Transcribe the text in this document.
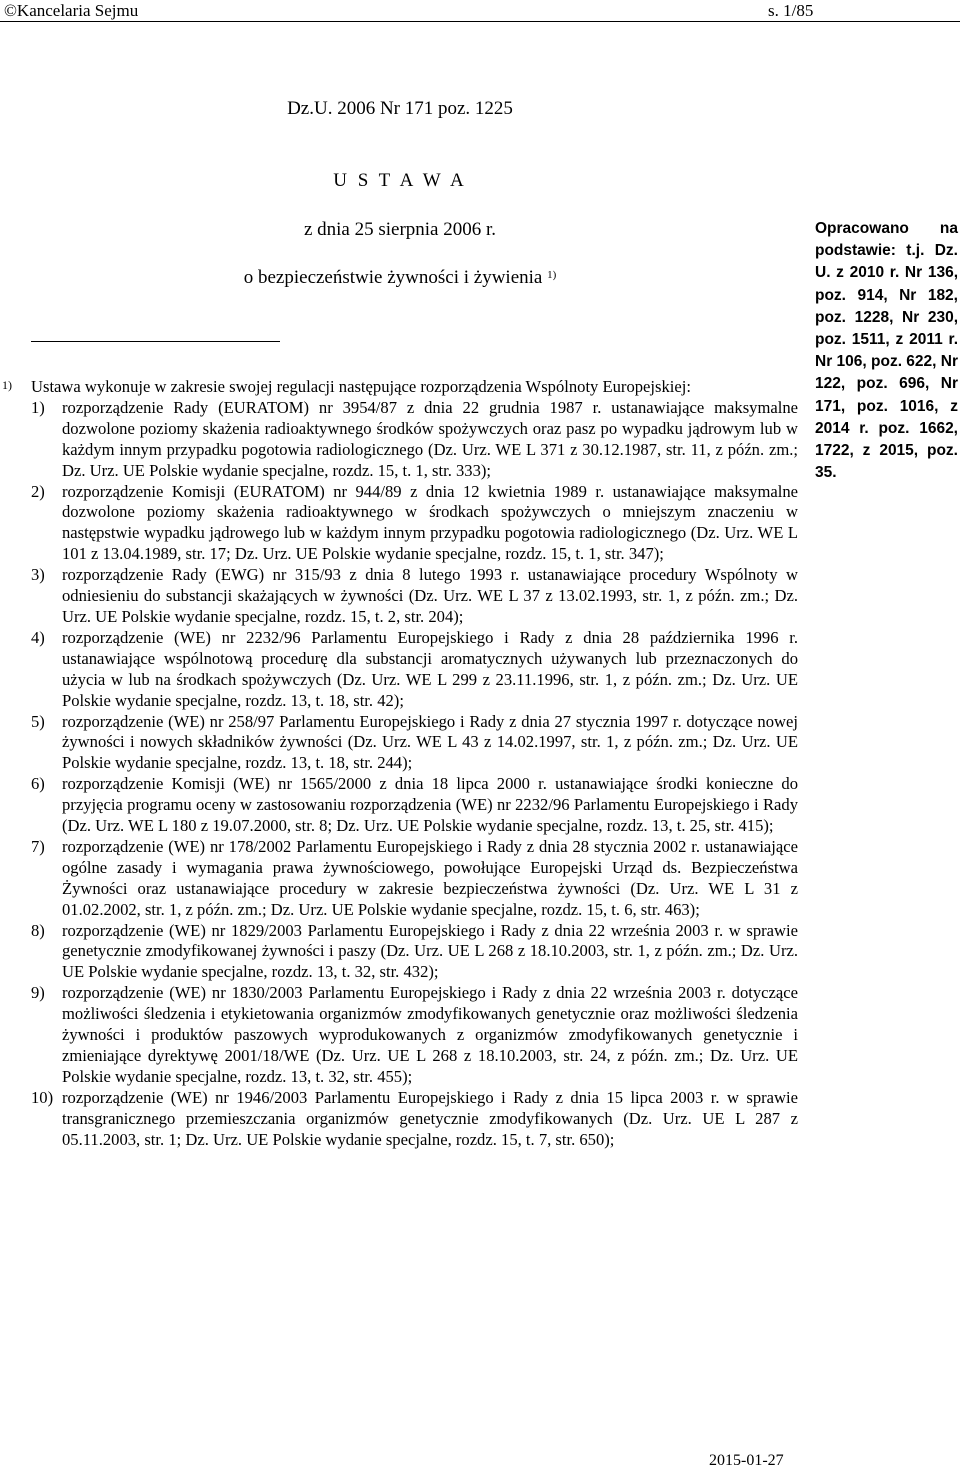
©Kancelaria Sejmu	s. 1/85
Dz.U. 2006 Nr 171 poz. 1225
U S T A W A
z dnia 25 sierpnia 2006 r.
o bezpieczeństwie żywności i żywienia $^{1)}$
Opracowano na podstawie: t.j. Dz. U. z 2010 r. Nr 136, poz. 914, Nr 182, poz. 1228, Nr 230, poz. 1511, z 2011 r. Nr 106, poz. 622, Nr 122, poz. 696, Nr 171, poz. 1016, z 2014 r. poz. 1662, 1722, z 2015, poz. 35.
1) Ustawa wykonuje w zakresie swojej regulacji następujące rozporządzenia Wspólnoty Europejskiej:
1)	rozporządzenie Rady (EURATOM) nr 3954/87 z dnia 22 grudnia 1987 r. ustanawiające maksymalne dozwolone poziomy skażenia radioaktywnego środków spożywczych oraz pasz po wypadku jądrowym lub w każdym innym przypadku pogotowia radiologicznego (Dz. Urz. WE L 371 z 30.12.1987, str. 11, z późn. zm.; Dz. Urz. UE Polskie wydanie specjalne, rozdz. 15, t. 1, str. 333);
2)	rozporządzenie Komisji (EURATOM) nr 944/89 z dnia 12 kwietnia 1989 r. ustanawiające maksymalne dozwolone poziomy skażenia radioaktywnego w środkach spożywczych o mniejszym znaczeniu w następstwie wypadku jądrowego lub w każdym innym przypadku pogotowia radiologicznego (Dz. Urz. WE L 101 z 13.04.1989, str. 17; Dz. Urz. UE Polskie wydanie specjalne, rozdz. 15, t. 1, str. 347);
3)	rozporządzenie Rady (EWG) nr 315/93 z dnia 8 lutego 1993 r. ustanawiające procedury Wspólnoty w odniesieniu do substancji skażających w żywności (Dz. Urz. WE L 37 z 13.02.1993, str. 1, z późn. zm.; Dz. Urz. UE Polskie wydanie specjalne, rozdz. 15, t. 2, str. 204);
4)	rozporządzenie (WE) nr 2232/96 Parlamentu Europejskiego i Rady z dnia 28 października 1996 r. ustanawiające wspólnotową procedurę dla substancji aromatycznych używanych lub przeznaczonych do użycia w lub na środkach spożywczych (Dz. Urz. WE L 299 z 23.11.1996, str. 1, z późn. zm.; Dz. Urz. UE Polskie wydanie specjalne, rozdz. 13, t. 18, str. 42);
5)	rozporządzenie (WE) nr 258/97 Parlamentu Europejskiego i Rady z dnia 27 stycznia 1997 r. dotyczące nowej żywności i nowych składników żywności (Dz. Urz. WE L 43 z 14.02.1997, str. 1, z późn. zm.; Dz. Urz. UE Polskie wydanie specjalne, rozdz. 13, t. 18, str. 244);
6)	rozporządzenie Komisji (WE) nr 1565/2000 z dnia 18 lipca 2000 r. ustanawiające środki konieczne do przyjęcia programu oceny w zastosowaniu rozporządzenia (WE) nr 2232/96 Parlamentu Europejskiego i Rady (Dz. Urz. WE L 180 z 19.07.2000, str. 8; Dz. Urz. UE Polskie wydanie specjalne, rozdz. 13, t. 25, str. 415);
7)	rozporządzenie (WE) nr 178/2002 Parlamentu Europejskiego i Rady z dnia 28 stycznia 2002 r. ustanawiające ogólne zasady i wymagania prawa żywnościowego, powołujące Europejski Urząd ds. Bezpieczeństwa Żywności oraz ustanawiające procedury w zakresie bezpieczeństwa żywności (Dz. Urz. WE L 31 z 01.02.2002, str. 1, z późn. zm.; Dz. Urz. UE Polskie wydanie specjalne, rozdz. 15, t. 6, str. 463);
8)	rozporządzenie (WE) nr 1829/2003 Parlamentu Europejskiego i Rady z dnia 22 września 2003 r. w sprawie genetycznie zmodyfikowanej żywności i paszy (Dz. Urz. UE L 268 z 18.10.2003, str. 1, z późn. zm.; Dz. Urz. UE Polskie wydanie specjalne, rozdz. 13, t. 32, str. 432);
9)	rozporządzenie (WE) nr 1830/2003 Parlamentu Europejskiego i Rady z dnia 22 września 2003 r. dotyczące możliwości śledzenia i etykietowania organizmów zmodyfikowanych genetycznie oraz możliwości śledzenia żywności i produktów paszowych wyprodukowanych z organizmów zmodyfikowanych genetycznie i zmieniające dyrektywę 2001/18/WE (Dz. Urz. UE L 268 z 18.10.2003, str. 24, z późn. zm.; Dz. Urz. UE Polskie wydanie specjalne, rozdz. 13, t. 32, str. 455);
10) rozporządzenie (WE) nr 1946/2003 Parlamentu Europejskiego i Rady z dnia 15 lipca 2003 r. w sprawie transgranicznego przemieszczania organizmów genetycznie zmodyfikowanych (Dz. Urz. UE L 287 z 05.11.2003, str. 1; Dz. Urz. UE Polskie wydanie specjalne, rozdz. 15, t. 7, str. 650);
2015-01-27
